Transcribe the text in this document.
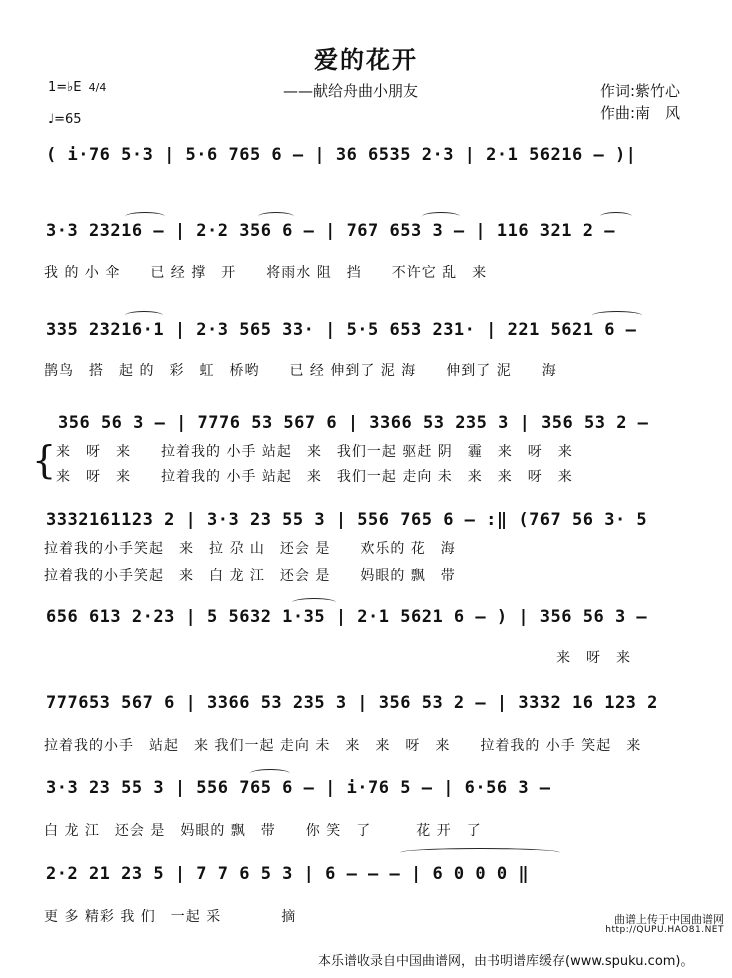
爱的花开
——献给舟曲小朋友	作词:紫竹心
作曲:南　风
1=♭E 4/4
♩=65
( i·76 5·3 | 5·6 765 6 – | 36 6535 2·3 | 2·1 56216 – )|
3·3 23216 – | 2·2 356 6 – | 767 653 3 – | 116 321 2 –
我 的 小 伞　　已 经 撑　开　　将雨水 阻　挡　　不许它 乱　来
335 23216·1 | 2·3 565 33· | 5·5 653 231· | 221 5621 6 –
鹊鸟　搭　起 的　彩　虹　桥哟　　已 经 伸到了 泥 海　　伸到了 泥　　海
356 56 3 – | 7776 53 567 6 | 3366 53 235 3 | 356 53 2 –
{ 来　呀　来　　拉着我的 小手 站起　来　我们一起 驱赶 阴　霾　来　呀　来
来　呀　来　　拉着我的 小手 站起　来　我们一起 走向 未　来　来　呀　来
3332161123 2 | 3·3 23 55 3 | 556 765 6 – :‖ (767 56 3· 5
拉着我的小手笑起　来　拉 尕 山　还会 是　　欢乐的 花　海
拉着我的小手笑起　来　白 龙 江　还会 是　　妈眼的 飘　带
656 613 2·23 | 5 5632 1·35 | 2·1 5621 6 – ) | 356 56 3 –
来　呀　来
777653 567 6 | 3366 53 235 3 | 356 53 2 – | 3332 16 123 2
拉着我的小手　站起　来 我们一起 走向 未　来　来　呀　来　　拉着我的 小手 笑起　来
3·3 23 55 3 | 556 765 6 – | i·76 5 – | 6·56 3 –
白 龙 江　还会 是　妈眼的 飘　带　　你 笑　了　　　花 开　了
2·2 21 23 5 | 7 7 6 5 3 | 6 – – – | 6 0 0 0 ‖
更 多 精彩 我 们　一起 采　　　　摘	曲谱上传于中国曲谱网
http://QUPU.HAO81.NET
本乐谱收录自中国曲谱网，由书明谱库缓存(www.spuku.com)。
